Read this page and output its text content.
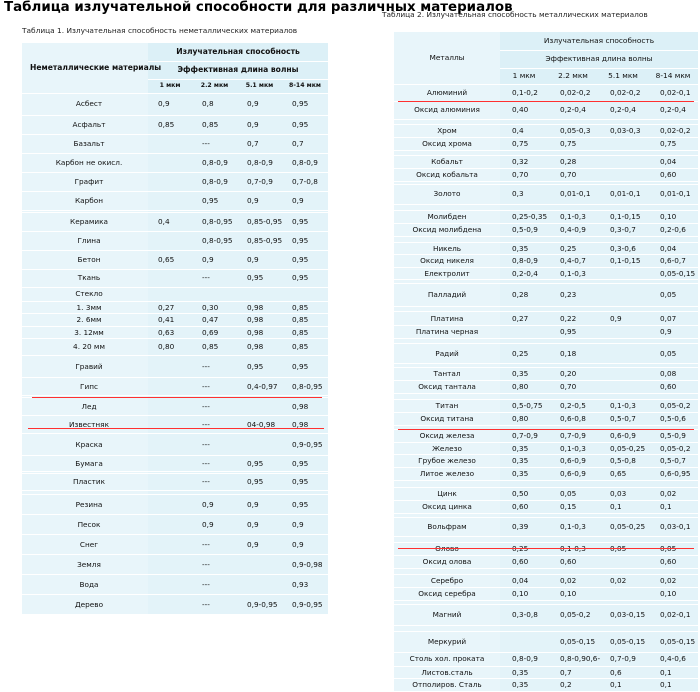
Таблица излучательной способности для различных материалов
Таблица 1. Излучательная способность неметаллических материалов
Таблица 2. Излучательная способность металлических материалов
Неметаллические материалы	Излучательная способность			
	Эффективная длина волны			
	1 мкм	2.2 мкм	5.1 мкм	8-14 мкм
Асбест	0,9	0,8	0,9	0,95
Асфальт	0,85	0,85	0,9	0,95
Базальт		---	0,7	0,7
Карбон не окисл.		0,8-0,9	0,8-0,9	0,8-0,9
Графит		0,8-0,9	0,7-0,9	0,7-0,8
Карбон		0,95	0,9	0,9

Керамика	0,4	0,8-0,95	0,85-0,95	0,95
Глина		0,8-0,95	0,85-0,95	0,95
Бетон	0,65	0,9	0,9	0,95
Ткань		---	0,95	0,95
Стекло				
1. 3мм	0,27	0,30	0,98	0,85
2. 6мм	0,41	0,47	0,98	0,85
3. 12мм	0,63	0,69	0,98	0,85
4. 20 мм	0,80	0,85	0,98	0,85
Гравий		---	0,95	0,95
Гипс		---	0,4-0,97	0,8-0,95

Лед		---		0,98
Известняк		---	04-0,98	0,98
Краска		---		0,9-0,95
Бумага		---	0,95	0,95

Пластик		---	0,95	0,95

Резина		0,9	0,9	0,95
Песок		0,9	0,9	0,9
Снег		---	0,9	0,9
Земля		---		0,9-0,98
Вода		---		0,93
Дерево		---	0,9-0,95	0,9-0,95
Металлы	Излучательная способность			
	Эффективная длина волны			
	1 мкм	2.2 мкм	5.1 мкм	8-14 мкм
Алюминий	0,1-0,2	0,02-0,2	0,02-0,2	0,02-0,1
Оксид алюминия	0,40	0,2-0,4	0,2-0,4	0,2-0,4

Хром	0,4	0,05-0,3	0,03-0,3	0,02-0,2
Оксид хрома	0,75	0,75		0,75

Кобальт	0,32	0,28		0,04
Оксид кобальта	0,70	0,70		0,60

Золото	0,3	0,01-0,1	0,01-0,1	0,01-0,1

Молибден	0,25-0,35	0,1-0,3	0,1-0,15	0,10
Оксид молибдена	0,5-0,9	0,4-0,9	0,3-0,7	0,2-0,6

Никель	0,35	0,25	0,3-0,6	0,04
Оксид никеля	0,8-0,9	0,4-0,7	0,1-0,15	0,6-0,7
Електролит	0,2-0,4	0,1-0,3		0,05-0,15

Палладий	0,28	0,23		0,05

Платина	0,27	0,22	0,9	0,07
Платина черная		0,95		0,9

Радий	0,25	0,18		0,05

Тантал	0,35	0,20		0,08
Оксид тантала	0,80	0,70		0,60

Титан	0,5-0,75	0,2-0,5	0,1-0,3	0,05-0,2
Оксид титана	0,80	0,6-0,8	0,5-0,7	0,5-0,6

Оксид железа	0,7-0,9	0,7-0,9	0,6-0,9	0,5-0,9
Железо	0,35	0,1-0,3	0,05-0,25	0,05-0,2
Грубое железо	0,35	0,6-0,9	0,5-0,8	0,5-0,7
Литое железо	0,35	0,6-0,9	0,65	0,6-0,95

Цинк	0,50	0,05	0,03	0,02
Оксид цинка	0,60	0,15	0,1	0,1

Вольфрам	0,39	0,1-0,3	0,05-0,25	0,03-0,1

Олово	0,25	0,1-0,3	0,05	0,05
Оксид олова	0,60	0,60		0,60

Серебро	0,04	0,02	0,02	0,02
Оксид серебра	0,10	0,10		0,10

Магний	0,3-0,8	0,05-0,2	0,03-0,15	0,02-0,1

Меркурий		0,05-0,15	0,05-0,15	0,05-0,15
Столь хол. проката	0,8-0,9	0,8-0,90,6-	0,7-0,9	0,4-0,6
Листов.сталь	0,35	0,7	0,6	0,1
Отполиров. Сталь	0,35	0,2	0,1	0,1
